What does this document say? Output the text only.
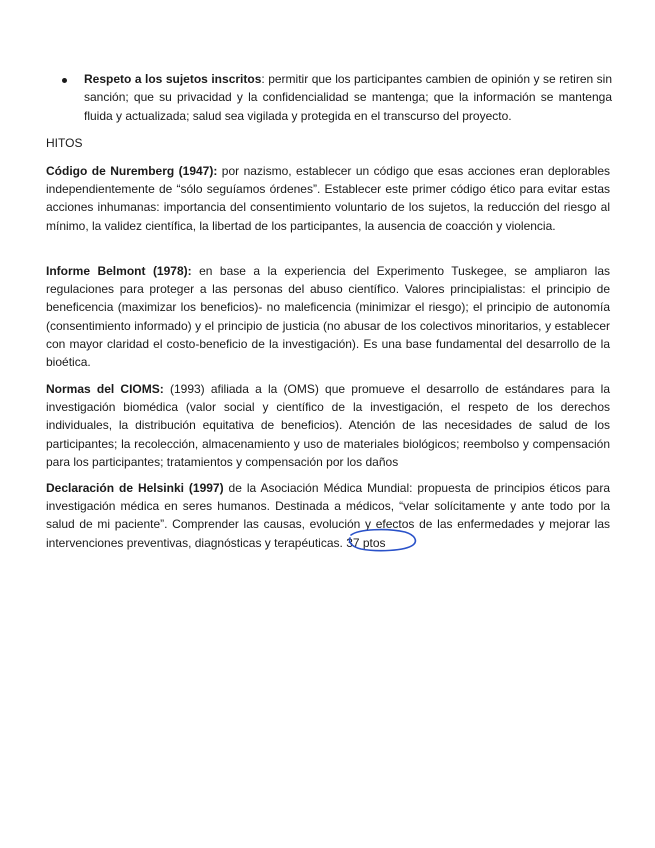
Respeto a los sujetos inscritos: permitir que los participantes cambien de opinión y se retiren sin sanción; que su privacidad y la confidencialidad se mantenga; que la información se mantenga fluida y actualizada; salud sea vigilada y protegida en el transcurso del proyecto.
HITOS
Código de Nuremberg (1947): por nazismo, establecer un código que esas acciones eran deplorables independientemente de “sólo seguíamos órdenes”. Establecer este primer código ético para evitar estas acciones inhumanas: importancia del consentimiento voluntario de los sujetos, la reducción del riesgo al mínimo, la validez científica, la libertad de los participantes, la ausencia de coacción y violencia.
Informe Belmont (1978): en base a la experiencia del Experimento Tuskegee, se ampliaron las regulaciones para proteger a las personas del abuso científico. Valores principialistas: el principio de beneficencia (maximizar los beneficios)- no maleficencia (minimizar el riesgo); el principio de autonomía (consentimiento informado) y el principio de justicia (no abusar de los colectivos minoritarios, y establecer con mayor claridad el costo-beneficio de la investigación). Es una base fundamental del desarrollo de la bioética.
Normas del CIOMS: (1993) afiliada a la (OMS) que promueve el desarrollo de estándares para la investigación biomédica (valor social y científico de la investigación, el respeto de los derechos individuales, la distribución equitativa de beneficios). Atención de las necesidades de salud de los participantes; la recolección, almacenamiento y uso de materiales biológicos; reembolso y compensación para los participantes; tratamientos y compensación por los daños
Declaración de Helsinki (1997) de la Asociación Médica Mundial: propuesta de principios éticos para investigación médica en seres humanos. Destinada a médicos, “velar solícitamente y ante todo por la salud de mi paciente”. Comprender las causas, evolución y efectos de las enfermedades y mejorar las intervenciones preventivas, diagnósticas y terapéuticas. 37 ptos
